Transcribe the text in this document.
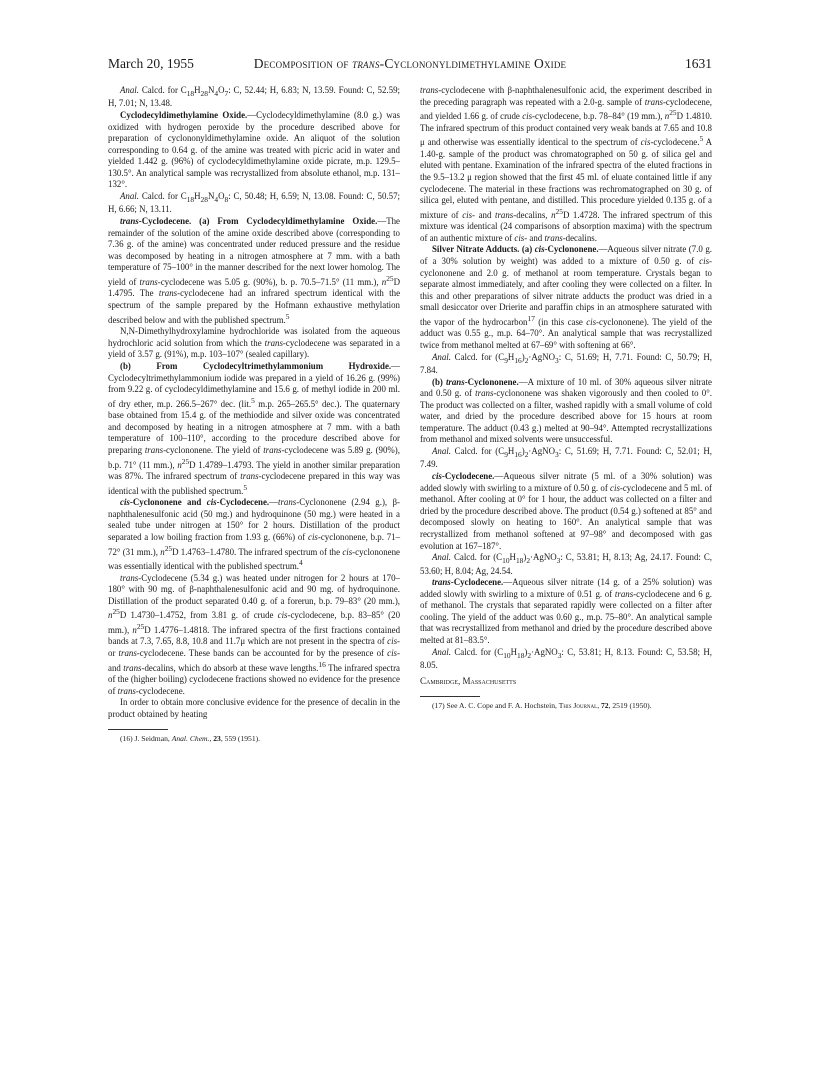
March 20, 1955	Decomposition of trans-Cyclononyldimethylamine Oxide	1631

Anal. Calcd. for $C_{18}H_{28}N_4O_7$: C, 52.44; H, 6.83; N, 13.59. Found: C, 52.59; H, 7.01; N, 13.48.

Cyclodecyldimethylamine Oxide.—Cyclodecyldimethylamine (8.0 g.) was oxidized with hydrogen peroxide by the procedure described above for preparation of cyclononyldimethylamine oxide. An aliquot of the solution corresponding to 0.64 g. of the amine was treated with picric acid in water and yielded 1.442 g. (96%) of cyclodecyldimethylamine oxide picrate, m.p. 129.5–130.5°. An analytical sample was recrystallized from absolute ethanol, m.p. 131–132°.

Anal. Calcd. for $C_{18}H_{28}N_4O_8$: C, 50.48; H, 6.59; N, 13.08. Found: C, 50.57; H, 6.66; N, 13.11.

trans-Cyclodecene. (a) From Cyclodecyldimethylamine Oxide.—The remainder of the solution of the amine oxide described above (corresponding to 7.36 g. of the amine) was concentrated under reduced pressure and the residue was decomposed by heating in a nitrogen atmosphere at 7 mm. with a bath temperature of 75–100° in the manner described for the next lower homolog. The yield of trans-cyclodecene was 5.05 g. (90%), b. p. 70.5–71.5° (11 mm.), $n^{25}D$ 1.4795. The trans-cyclodecene had an infrared spectrum identical with the spectrum of the sample prepared by the Hofmann exhaustive methylation described below and with the published spectrum.$^5$

N,N-Dimethylhydroxylamine hydrochloride was isolated from the aqueous hydrochloric acid solution from which the trans-cyclodecene was separated in a yield of 3.57 g. (91%), m.p. 103–107° (sealed capillary).

(b) From Cyclodecyltrimethylammonium Hydroxide.—Cyclodecyltrimethylammonium iodide was prepared in a yield of 16.26 g. (99%) from 9.22 g. of cyclodecyldimethylamine and 15.6 g. of methyl iodide in 200 ml. of dry ether, m.p. 266.5–267° dec. (lit.$^5$ m.p. 265–265.5° dec.). The quaternary base obtained from 15.4 g. of the methiodide and silver oxide was concentrated and decomposed by heating in a nitrogen atmosphere at 7 mm. with a bath temperature of 100–110°, according to the procedure described above for preparing trans-cyclononene. The yield of trans-cyclodecene was 5.89 g. (90%), b.p. 71° (11 mm.), $n^{25}D$ 1.4789–1.4793. The yield in another similar preparation was 87%. The infrared spectrum of trans-cyclodecene prepared in this way was identical with the published spectrum.$^5$

cis-Cyclononene and cis-Cyclodecene.—trans-Cyclononene (2.94 g.), β-naphthalenesulfonic acid (50 mg.) and hydroquinone (50 mg.) were heated in a sealed tube under nitrogen at 150° for 2 hours. Distillation of the product separated a low boiling fraction from 1.93 g. (66%) of cis-cyclononene, b.p. 71–72° (31 mm.), $n^{25}D$ 1.4763–1.4780. The infrared spectrum of the cis-cyclononene was essentially identical with the published spectrum.$^4$

trans-Cyclodecene (5.34 g.) was heated under nitrogen for 2 hours at 170–180° with 90 mg. of β-naphthalenesulfonic acid and 90 mg. of hydroquinone. Distillation of the product separated 0.40 g. of a forerun, b.p. 79–83° (20 mm.), $n^{25}D$ 1.4730–1.4752, from 3.81 g. of crude cis-cyclodecene, b.p. 83–85° (20 mm.), $n^{25}D$ 1.4776–1.4818. The infrared spectra of the first fractions contained bands at 7.3, 7.65, 8.8, 10.8 and 11.7μ which are not present in the spectra of cis- or trans-cyclodecene. These bands can be accounted for by the presence of cis- and trans-decalins, which do absorb at these wave lengths.$^{16}$ The infrared spectra of the (higher boiling) cyclodecene fractions showed no evidence for the presence of trans-cyclodecene.

In order to obtain more conclusive evidence for the presence of decalin in the product obtained by heating

(16) J. Seidman, Anal. Chem., 23, 559 (1951).

trans-cyclodecene with β-naphthalenesulfonic acid, the experiment described in the preceding paragraph was repeated with a 2.0-g. sample of trans-cyclodecene, and yielded 1.66 g. of crude cis-cyclodecene, b.p. 78–84° (19 mm.), $n^{25}D$ 1.4810. The infrared spectrum of this product contained very weak bands at 7.65 and 10.8 μ and otherwise was essentially identical to the spectrum of cis-cyclodecene.$^5$ A 1.40-g. sample of the product was chromatographed on 50 g. of silica gel and eluted with pentane. Examination of the infrared spectra of the eluted fractions in the 9.5–13.2 μ region showed that the first 45 ml. of eluate contained little if any cyclodecene. The material in these fractions was rechromatographed on 30 g. of silica gel, eluted with pentane, and distilled. This procedure yielded 0.135 g. of a mixture of cis- and trans-decalins, $n^{25}D$ 1.4728. The infrared spectrum of this mixture was identical (24 comparisons of absorption maxima) with the spectrum of an authentic mixture of cis- and trans-decalins.

Silver Nitrate Adducts. (a) cis-Cyclononene.—Aqueous silver nitrate (7.0 g. of a 30% solution by weight) was added to a mixture of 0.50 g. of cis-cyclononene and 2.0 g. of methanol at room temperature. Crystals began to separate almost immediately, and after cooling they were collected on a filter. In this and other preparations of silver nitrate adducts the product was dried in a small desiccator over Drierite and paraffin chips in an atmosphere saturated with the vapor of the hydrocarbon$^{17}$ (in this case cis-cyclononene). The yield of the adduct was 0.55 g., m.p. 64–70°. An analytical sample that was recrystallized twice from methanol melted at 67–69° with softening at 66°.

Anal. Calcd. for $(C_9H_{16})_2\cdot AgNO_3$: C, 51.69; H, 7.71. Found: C, 50.79; H, 7.84.

(b) trans-Cyclononene.—A mixture of 10 ml. of 30% aqueous silver nitrate and 0.50 g. of trans-cyclononene was shaken vigorously and then cooled to 0°. The product was collected on a filter, washed rapidly with a small volume of cold water, and dried by the procedure described above for 15 hours at room temperature. The adduct (0.43 g.) melted at 90–94°. Attempted recrystallizations from methanol and mixed solvents were unsuccessful.

Anal. Calcd. for $(C_9H_{16})_2\cdot AgNO_3$: C, 51.69; H, 7.71. Found: C, 52.01; H, 7.49.

cis-Cyclodecene.—Aqueous silver nitrate (5 ml. of a 30% solution) was added slowly with swirling to a mixture of 0.50 g. of cis-cyclodecene and 5 ml. of methanol. After cooling at 0° for 1 hour, the adduct was collected on a filter and dried by the procedure described above. The product (0.54 g.) softened at 85° and decomposed slowly on heating to 160°. An analytical sample that was recrystallized from methanol softened at 97–98° and decomposed with gas evolution at 167–187°.

Anal. Calcd. for $(C_{10}H_{18})_2\cdot AgNO_3$: C, 53.81; H, 8.13; Ag, 24.17. Found: C, 53.60; H, 8.04; Ag, 24.54.

trans-Cyclodecene.—Aqueous silver nitrate (14 g. of a 25% solution) was added slowly with swirling to a mixture of 0.51 g. of trans-cyclodecene and 6 g. of methanol. The crystals that separated rapidly were collected on a filter after cooling. The yield of the adduct was 0.60 g., m.p. 75–80°. An analytical sample that was recrystallized from methanol and dried by the procedure described above melted at 81–83.5°.

Anal. Calcd. for $(C_{10}H_{18})_2\cdot AgNO_3$: C, 53.81; H, 8.13. Found: C, 53.58; H, 8.05.

Cambridge, Massachusetts

(17) See A. C. Cope and F. A. Hochstein, This Journal, 72, 2519 (1950).
